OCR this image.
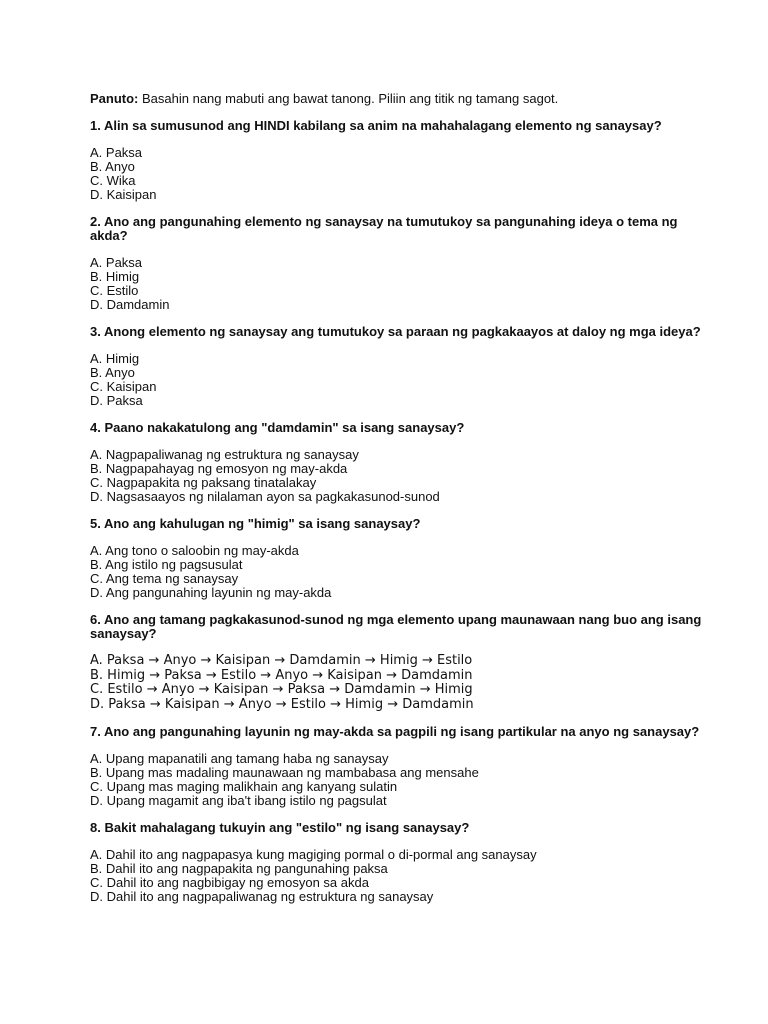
Panuto: Basahin nang mabuti ang bawat tanong. Piliin ang titik ng tamang sagot.

1. Alin sa sumusunod ang HINDI kabilang sa anim na mahahalagang elemento ng sanaysay?

A. Paksa
B. Anyo
C. Wika
D. Kaisipan

2. Ano ang pangunahing elemento ng sanaysay na tumutukoy sa pangunahing ideya o tema ng akda?

A. Paksa
B. Himig
C. Estilo
D. Damdamin

3. Anong elemento ng sanaysay ang tumutukoy sa paraan ng pagkakaayos at daloy ng mga ideya?

A. Himig
B. Anyo
C. Kaisipan
D. Paksa

4. Paano nakakatulong ang "damdamin" sa isang sanaysay?

A. Nagpapaliwanag ng estruktura ng sanaysay
B. Nagpapahayag ng emosyon ng may-akda
C. Nagpapakita ng paksang tinatalakay
D. Nagsasaayos ng nilalaman ayon sa pagkakasunod-sunod

5. Ano ang kahulugan ng "himig" sa isang sanaysay?

A. Ang tono o saloobin ng may-akda
B. Ang istilo ng pagsusulat
C. Ang tema ng sanaysay
D. Ang pangunahing layunin ng may-akda

6. Ano ang tamang pagkakasunod-sunod ng mga elemento upang maunawaan nang buo ang isang sanaysay?

A. Paksa → Anyo → Kaisipan → Damdamin → Himig → Estilo
B. Himig → Paksa → Estilo → Anyo → Kaisipan → Damdamin
C. Estilo → Anyo → Kaisipan → Paksa → Damdamin → Himig
D. Paksa → Kaisipan → Anyo → Estilo → Himig → Damdamin

7. Ano ang pangunahing layunin ng may-akda sa pagpili ng isang partikular na anyo ng sanaysay?

A. Upang mapanatili ang tamang haba ng sanaysay
B. Upang mas madaling maunawaan ng mambabasa ang mensahe
C. Upang mas maging malikhain ang kanyang sulatin
D. Upang magamit ang iba't ibang istilo ng pagsulat

8. Bakit mahalagang tukuyin ang "estilo" ng isang sanaysay?

A. Dahil ito ang nagpapasya kung magiging pormal o di-pormal ang sanaysay
B. Dahil ito ang nagpapakita ng pangunahing paksa
C. Dahil ito ang nagbibigay ng emosyon sa akda
D. Dahil ito ang nagpapaliwanag ng estruktura ng sanaysay
